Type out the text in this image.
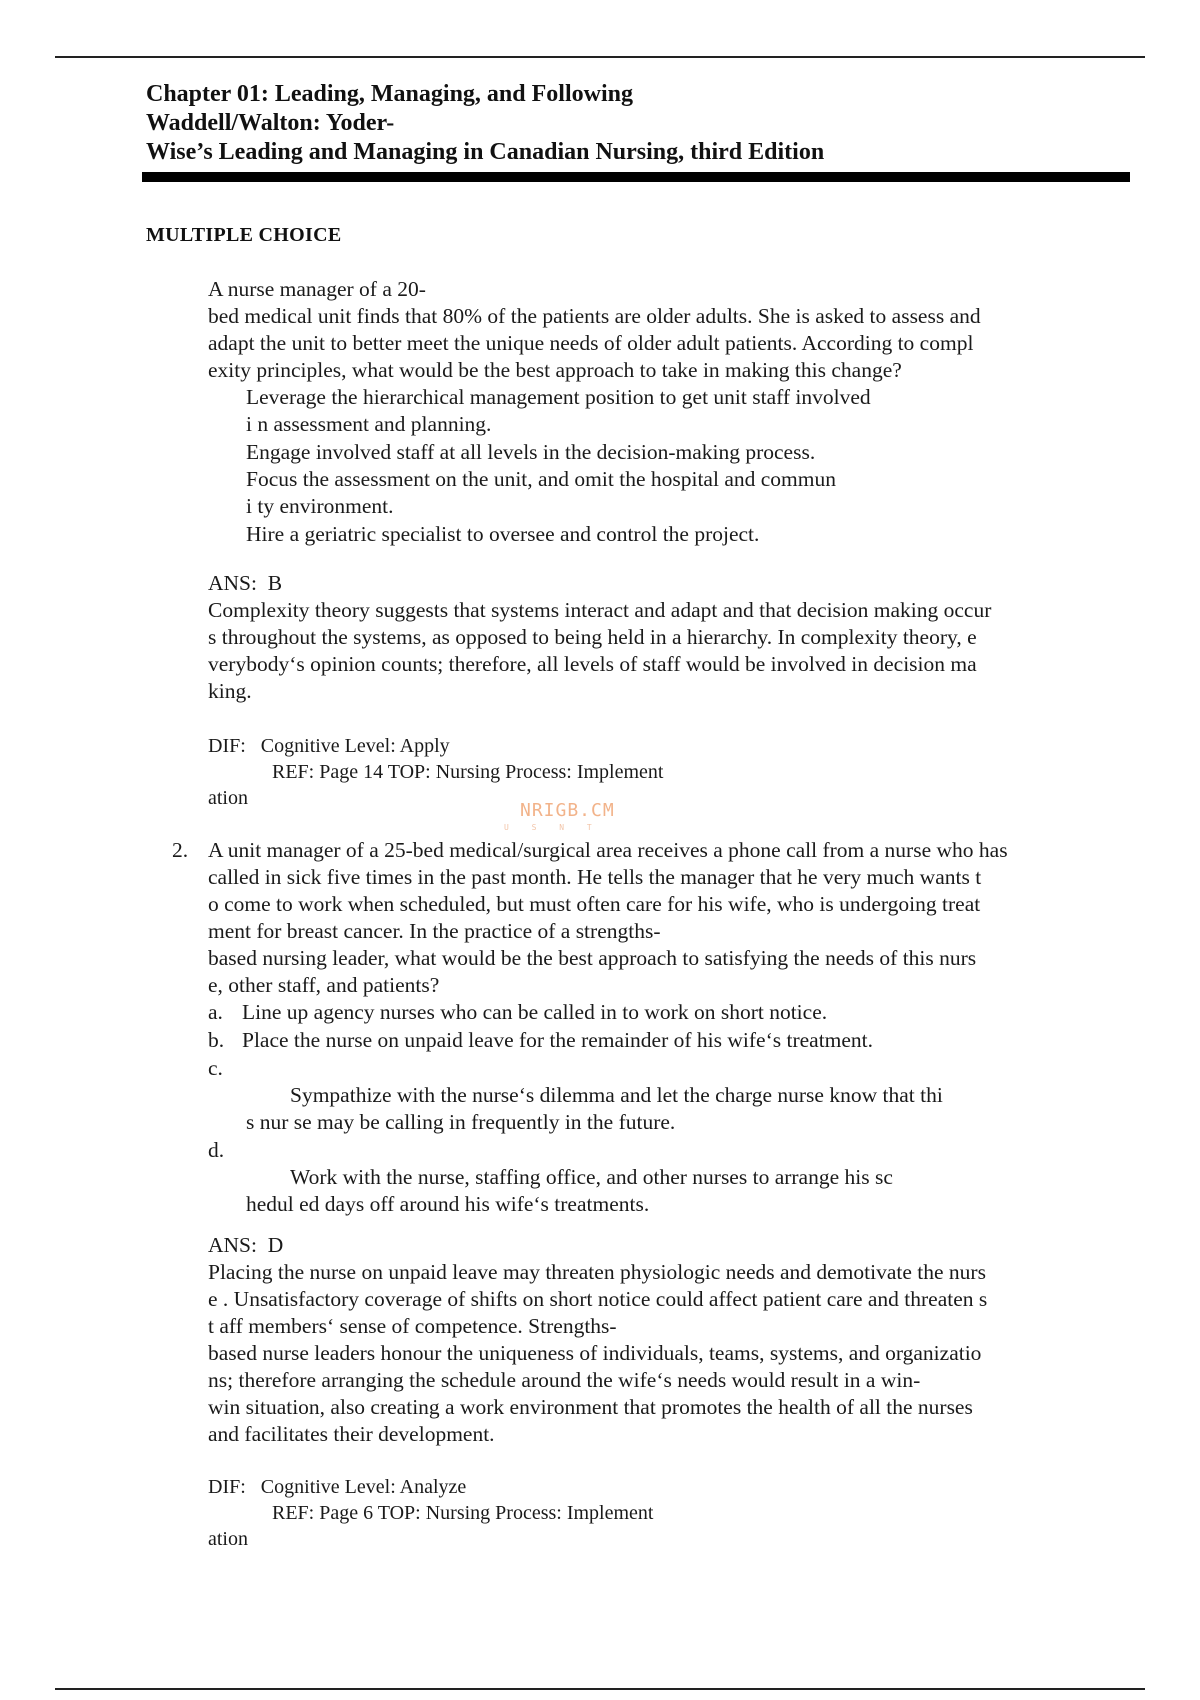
Chapter 01: Leading, Managing, and Following
Waddell/Walton: Yoder-
Wise’s Leading and Managing in Canadian Nursing, third Edition
MULTIPLE CHOICE
A nurse manager of a 20-
bed medical unit finds that 80% of the patients are older adults. She is asked to assess and
adapt the unit to better meet the unique needs of older adult patients. According to compl
exity principles, what would be the best approach to take in making this change?
Leverage the hierarchical management position to get unit staff involved
i n assessment and planning.
Engage involved staff at all levels in the decision-making process.
Focus the assessment on the unit, and omit the hospital and commun
i ty environment.
Hire a geriatric specialist to oversee and control the project.
ANS: B
Complexity theory suggests that systems interact and adapt and that decision making occur
s throughout the systems, as opposed to being held in a hierarchy. In complexity theory, e
verybody‘s opinion counts; therefore, all levels of staff would be involved in decision ma
king.
DIF: Cognitive Level: Apply
REF: Page 14 TOP: Nursing Process: Implement
ation
NRIGB.CM
U S N T
2. A unit manager of a 25-bed medical/surgical area receives a phone call from a nurse who has
called in sick five times in the past month. He tells the manager that he very much wants t
o come to work when scheduled, but must often care for his wife, who is undergoing treat
ment for breast cancer. In the practice of a strengths-
based nursing leader, what would be the best approach to satisfying the needs of this nurs
e, other staff, and patients?
a. Line up agency nurses who can be called in to work on short notice.
b. Place the nurse on unpaid leave for the remainder of his wife‘s treatment.
c.
Sympathize with the nurse‘s dilemma and let the charge nurse know that thi
s nur se may be calling in frequently in the future.
d.
Work with the nurse, staffing office, and other nurses to arrange his sc
hedul ed days off around his wife‘s treatments.
ANS: D
Placing the nurse on unpaid leave may threaten physiologic needs and demotivate the nurs
e . Unsatisfactory coverage of shifts on short notice could affect patient care and threaten s
t aff members‘ sense of competence. Strengths-
based nurse leaders honour the uniqueness of individuals, teams, systems, and organizatio
ns; therefore arranging the schedule around the wife‘s needs would result in a win-
win situation, also creating a work environment that promotes the health of all the nurses
and facilitates their development.
DIF: Cognitive Level: Analyze
REF: Page 6 TOP: Nursing Process: Implement
ation
